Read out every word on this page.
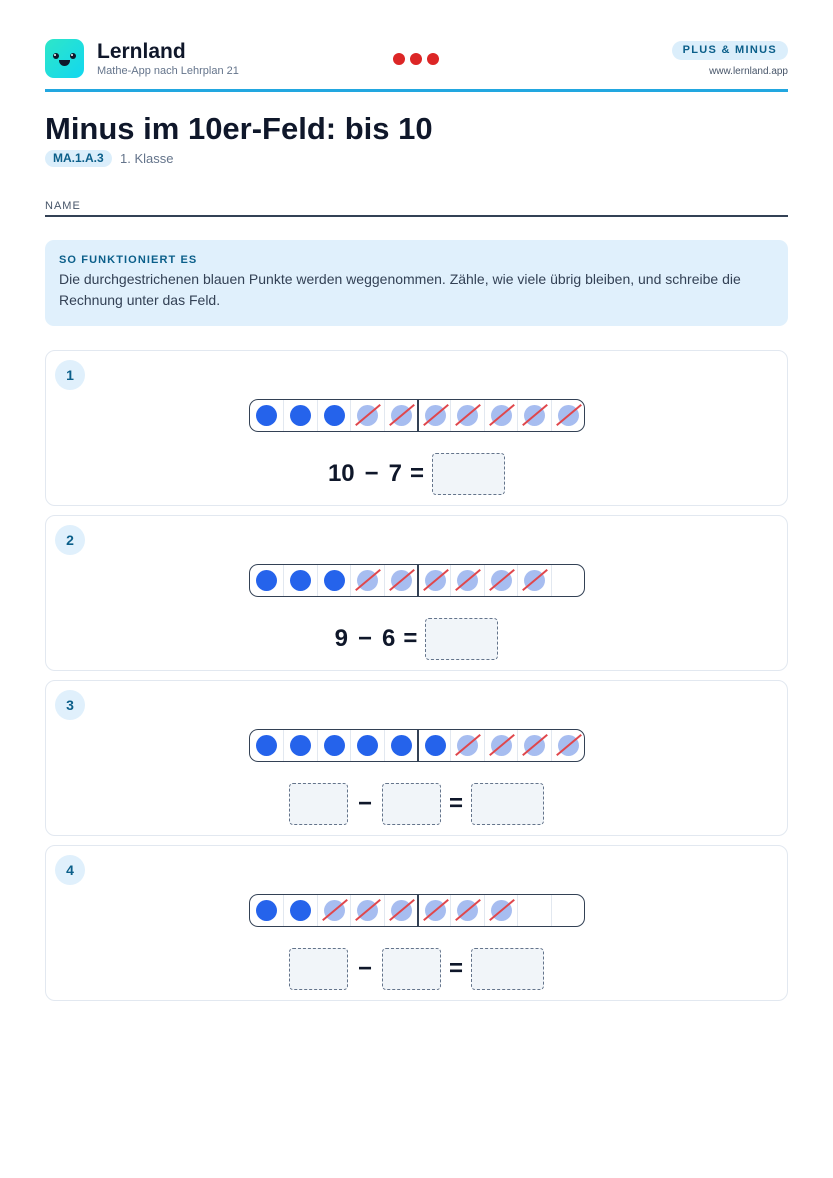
Lernland
Mathe-App nach Lehrplan 21
PLUS & MINUS
www.lernland.app
Minus im 10er-Feld: bis 10
MA.1.A.3	1. Klasse
NAME
SO FUNKTIONIERT ES
Die durchgestrichenen blauen Punkte werden weggenommen. Zähle, wie viele übrig bleiben, und schreibe die Rechnung unter das Feld.
1
10 − 7 =
2
9 − 6 =
3
−	=
4
−	=
